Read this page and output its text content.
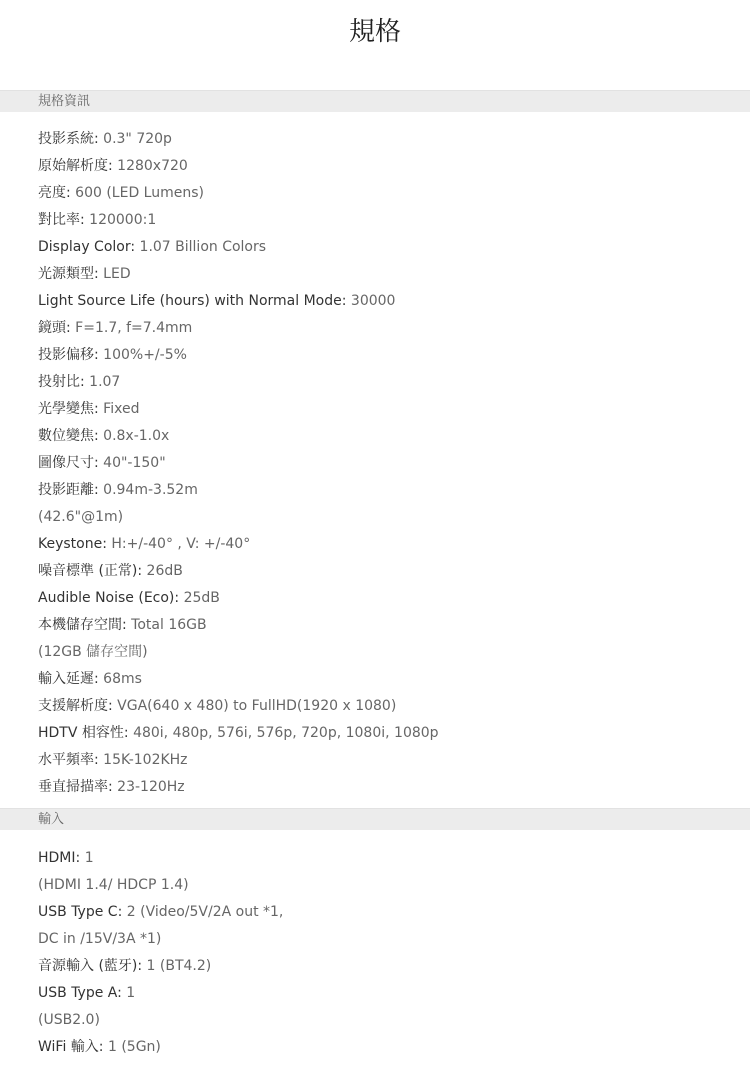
規格
規格資訊
投影系統: 0.3" 720p
原始解析度: 1280x720
亮度: 600 (LED Lumens)
對比率: 120000:1
Display Color: 1.07 Billion Colors
光源類型: LED
Light Source Life (hours) with Normal Mode: 30000
鏡頭: F=1.7, f=7.4mm
投影偏移: 100%+/-5%
投射比: 1.07
光學變焦: Fixed
數位變焦: 0.8x-1.0x
圖像尺寸: 40"-150"
投影距離: 0.94m-3.52m
(42.6"@1m)
Keystone: H:+/-40° , V: +/-40°
噪音標準 (正常): 26dB
Audible Noise (Eco): 25dB
本機儲存空間: Total 16GB
(12GB 儲存空間)
輸入延遲: 68ms
支援解析度: VGA(640 x 480) to FullHD(1920 x 1080)
HDTV 相容性: 480i, 480p, 576i, 576p, 720p, 1080i, 1080p
水平頻率: 15K-102KHz
垂直掃描率: 23-120Hz
輸入
HDMI: 1
(HDMI 1.4/ HDCP 1.4)
USB Type C: 2 (Video/5V/2A out *1,
DC in /15V/3A *1)
音源輸入 (藍牙): 1 (BT4.2)
USB Type A: 1
(USB2.0)
WiFi 輸入: 1 (5Gn)
